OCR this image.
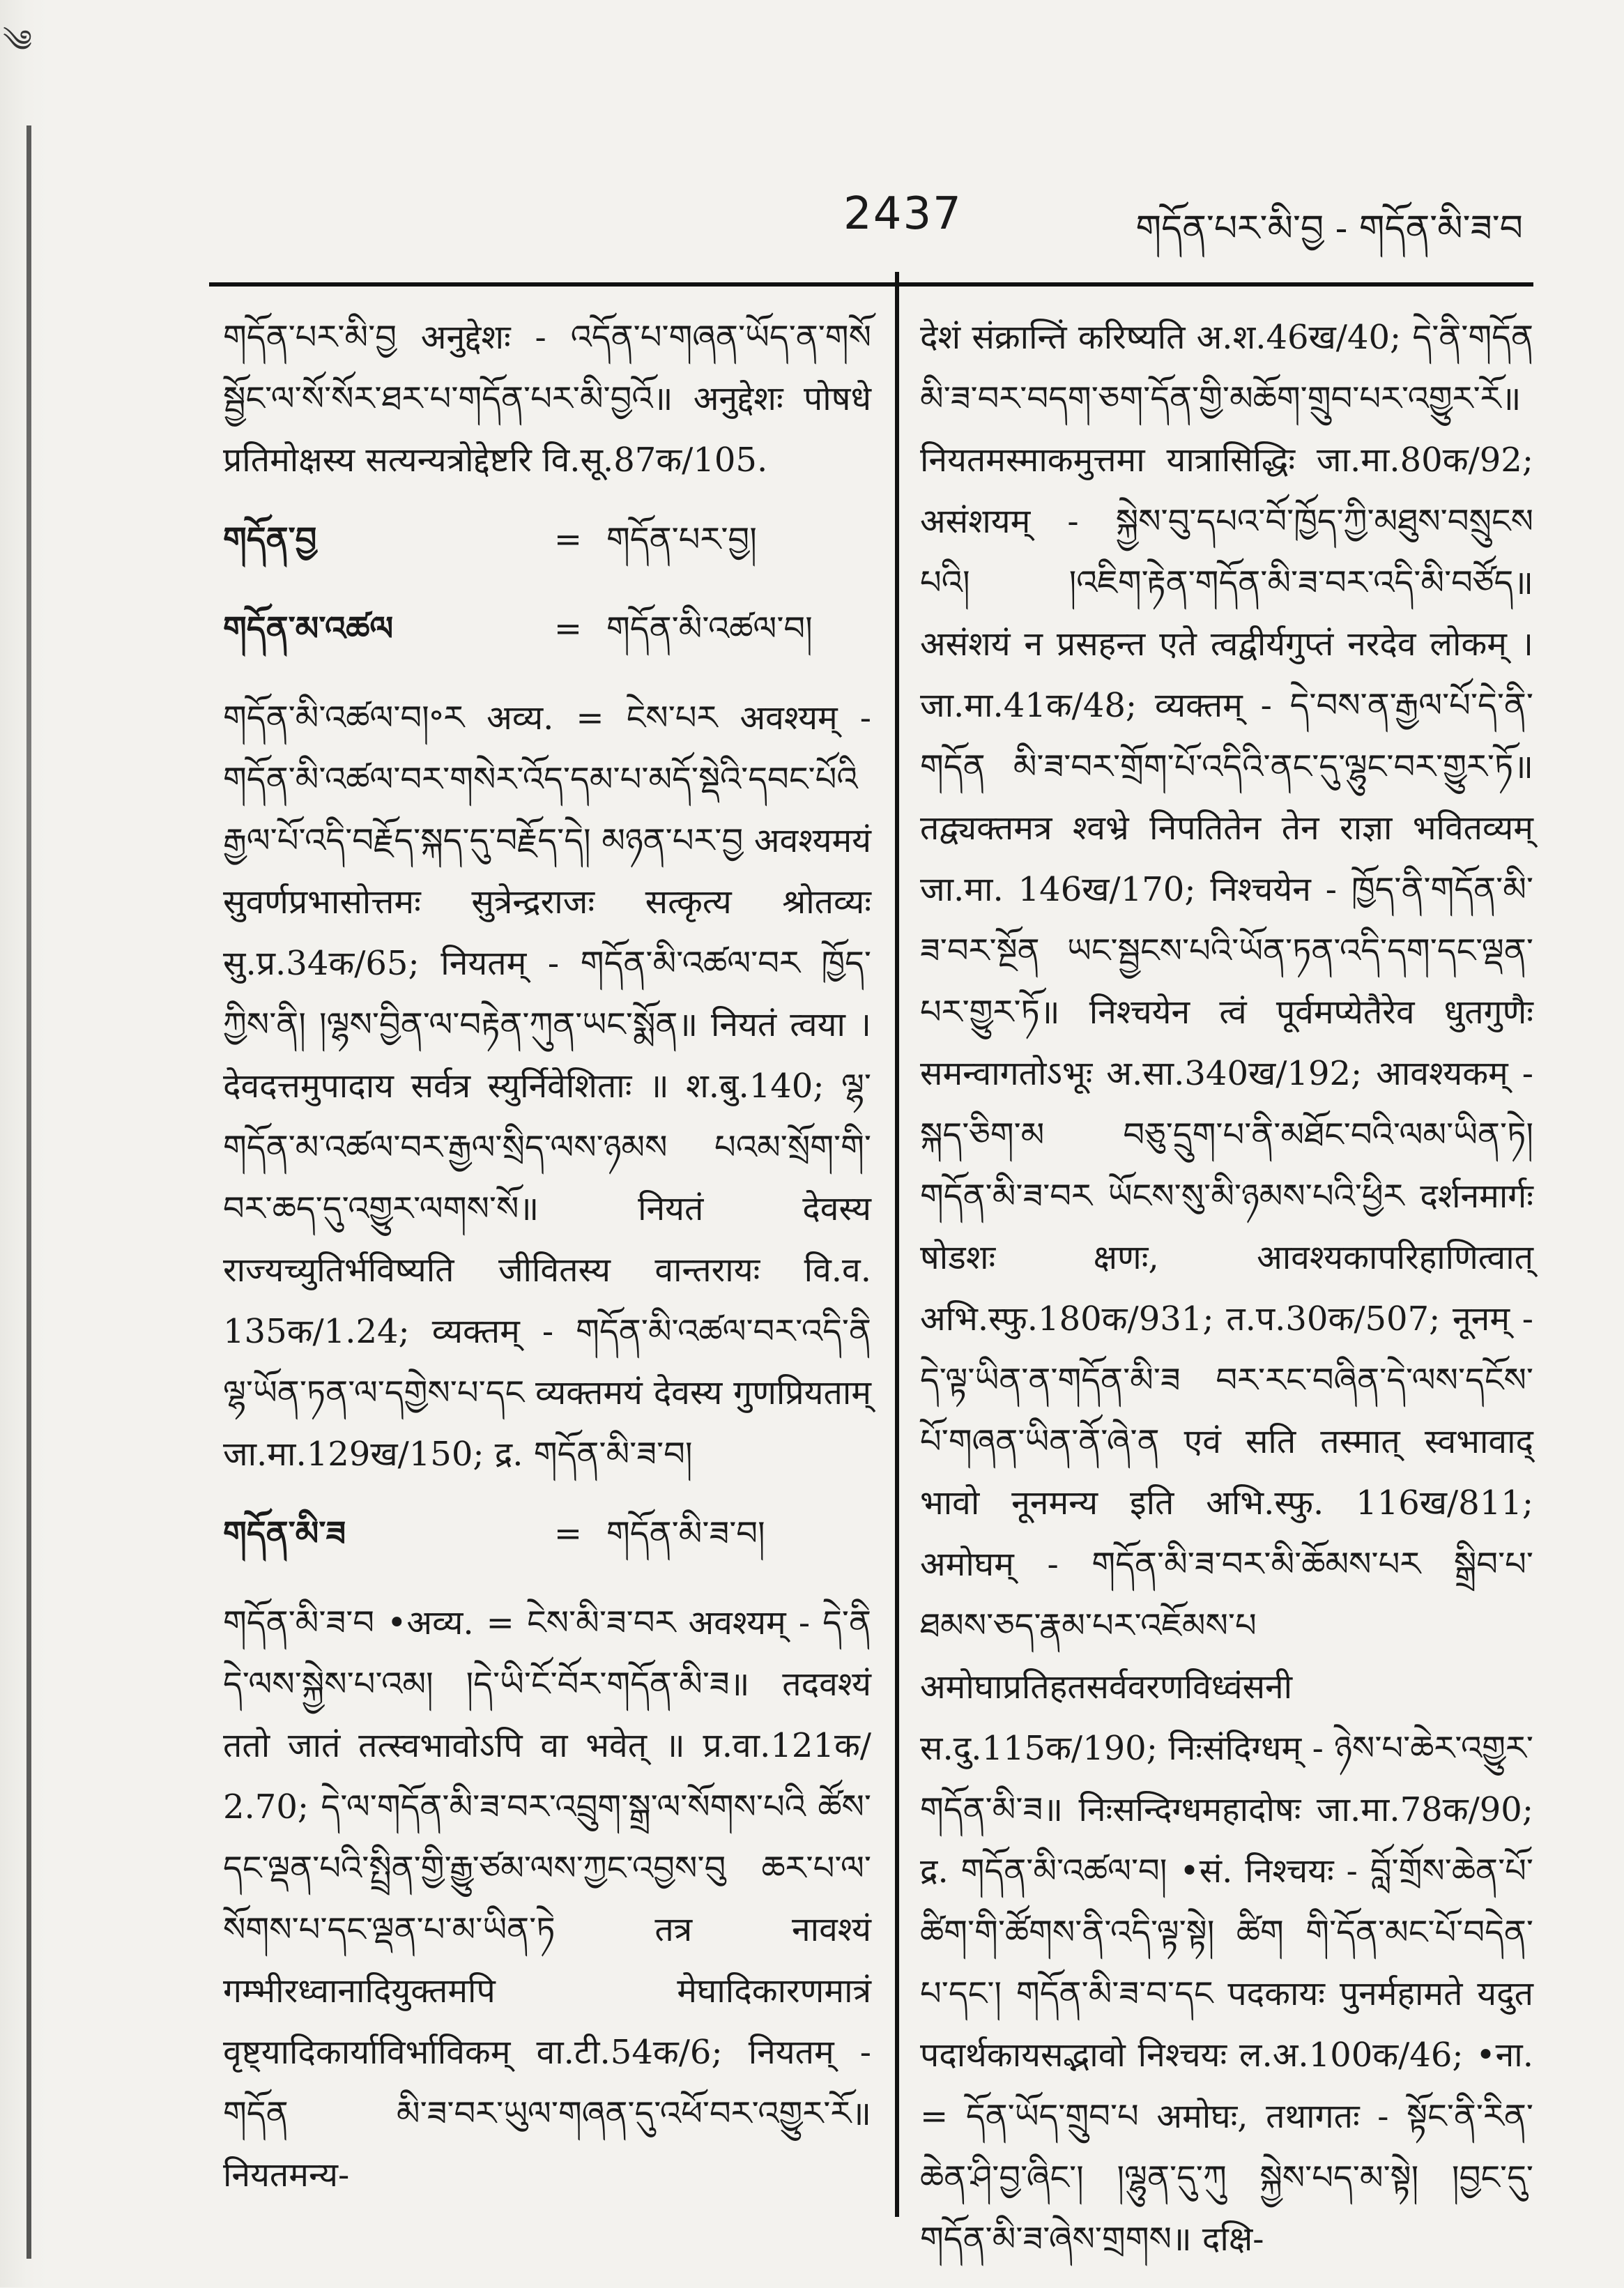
༄
2437	གདོན་པར་མི་བྱ - གདོན་མི་ཟ་བ

གདོན་པར་མི་བྱ अनुद्देशः - འདོན་པ་གཞན་ཡོད་ན་གསོ སྦྱོང་ལ་སོ་སོར་ཐར་པ་གདོན་པར་མི་བྱའོ॥ अनुद्देशः पोषधे प्रतिमोक्षस्य सत्यन्यत्रोद्देष्टरि वि.सू.87क/105.

གདོན་བྱ	= གདོན་པར་བྱ།
གདོན་མ་འཚལ	= གདོན་མི་འཚལ་བ།

གདོན་མི་འཚལ་བ།॰ར अव्य. = ངེས་པར अवश्यम् - གདོན་མི་འཚལ་བར་གསེར་འོད་དམ་པ་མདོ་སྡེའི་དབང་པོའི རྒྱལ་པོ་འདི་བརྗོད་སྐད་དུ་བརྗོད་དེ། མཉན་པར་བྱ अवश्यमयं सुवर्णप्रभासोत्तमः सुत्रेन्द्रराजः सत्कृत्य श्रोतव्यः सु.प्र.34क/65; नियतम् - གདོན་མི་འཚལ་བར ཁྱོད་ཀྱིས་ནི། །ལྷས་བྱིན་ལ་བརྟེན་ཀུན་ཡང་སྨོན॥ नियतं त्वया । देवदत्तमुपादाय सर्वत्र स्युर्निवेशिताः ॥ श.बु.140; ལྷ་གདོན་མ་འཚལ་བར་རྒྱལ་སྲིད་ལས་ཉམས པའམ་སྲོག་གི་བར་ཆད་དུ་འགྱུར་ལགས་སོ॥ नियतं देवस्य राज्यच्युतिर्भविष्यति जीवितस्य वान्तरायः वि.व. 135क/1.24; व्यक्तम् - གདོན་མི་འཚལ་བར་འདི་ནི ལྷ་ཡོན་ཏན་ལ་དགྱེས་པ་དང व्यक्तमयं देवस्य गुणप्रियताम् जा.मा.129ख/150; द्र. གདོན་མི་ཟ་བ།

གདོན་མི་ཟ	= གདོན་མི་ཟ་བ།

གདོན་མི་ཟ་བ •अव्य. = ངེས་མི་ཟ་བར अवश्यम् - དེ་ནི དེ་ལས་སྐྱེས་པ་འམ། །དེ་ཡི་ངོ་བོར་གདོན་མི་ཟ॥ तदवश्यं ततो जातं तत्स्वभावोऽपि वा भवेत् ॥ प्र.वा.121क/ 2.70; དེ་ལ་གདོན་མི་ཟ་བར་འབྲུག་སྒྲ་ལ་སོགས་པའི ཚོས་དང་ལྡན་པའི་སྤྲིན་གྱི་རྒྱུ་ཙམ་ལས་ཀྱང་འབྱས་བུ ཆར་པ་ལ་སོགས་པ་དང་ལྡན་པ་མ་ཡིན་ཏེ तत्र नावश्यं गम्भीरध्वानादियुक्तमपि मेघादिकारणमात्रं वृष्ट्यादिकार्याविर्भाविकम् वा.टी.54क/6; नियतम् - གདོན མི་ཟ་བར་ཡུལ་གཞན་དུ་འཕོ་བར་འགྱུར་རོ॥ नियतमन्य-

देशं संक्रान्तिं करिष्यति अ.श.46ख/40; དེ་ནི་གདོན མི་ཟ་བར་བདག་ཅག་དོན་གྱི་མཆོག་གྲུབ་པར་འགྱུར་རོ॥ नियतमस्माकमुत्तमा यात्रासिद्धिः जा.मा.80क/92; असंशयम् - སྐྱེས་བུ་དཔའ་བོ་ཁྱོད་ཀྱི་མཐུས་བསྲུངས པའི། །འཇིག་རྟེན་གདོན་མི་ཟ་བར་འདི་མི་བཙོད॥ असंशयं न प्रसहन्त एते त्वद्वीर्यगुप्तं नरदेव लोकम् । जा.मा.41क/48; व्यक्तम् - དེ་བས་ན་རྒྱལ་པོ་དེ་ནི་གདོན མི་ཟ་བར་གྲོག་པོ་འདིའི་ནང་དུ་ལྷུང་བར་གྱུར་ཏོ॥ तद्व्यक्तमत्र श्वभ्रे निपतितेन तेन राज्ञा भवितव्यम् जा.मा. 146ख/170; निश्चयेन - ཁྱོད་ནི་གདོན་མི་ཟ་བར་སྔོན ཡང་སྦྱངས་པའི་ཡོན་ཏན་འདི་དག་དང་ལྡན་པར་གྱུར་ཏོ॥ निश्चयेन त्वं पूर्वमप्येतैरेव धुतगुणैः समन्वागतोऽभूः अ.सा.340ख/192; आवश्यकम् - སྐད་ཅིག་མ བཅུ་དྲུག་པ་ནི་མཐོང་བའི་ལམ་ཡིན་ཏེ། གདོན་མི་ཟ་བར ཡོངས་སུ་མི་ཉམས་པའི་ཕྱིར दर्शनमार्गः षोडशः क्षणः, आवश्यकापरिहाणित्वात् अभि.स्फु.180क/931; त.प.30क/507; नूनम् - དེ་ལྟ་ཡིན་ན་གདོན་མི་ཟ བར་རང་བཞིན་དེ་ལས་དངོས་པོ་གཞན་ཡིན་ནོ་ཞེ་ན एवं सति तस्मात् स्वभावाद् भावो नूनमन्य इति अभि.स्फु. 116ख/811; अमोघम् - གདོན་མི་ཟ་བར་མི་ཆོམས་པར སྒྲིབ་པ་ཐམས་ཅད་རྣམ་པར་འཇོམས་པ अमोघाप्रतिहतसर्ववरणविध्वंसनी स.दु.115क/190; निःसंदिग्धम् - ཉེས་པ་ཆེར་འགྱུར་གདོན་མི་ཟ॥ निःसन्दिग्धमहादोषः जा.मा.78क/90; द्र. གདོན་མི་འཚལ་བ། •सं. निश्चयः - བློ་གྲོས་ཆེན་པོ་ཚིག་གི་ཚོགས་ནི་འདི་ལྟ་སྟེ། ཚིག གི་དོན་མང་པོ་བདེན་པ་དང་། གདོན་མི་ཟ་བ་དང पदकायः पुनर्महामते यदुत पदार्थकायसद्भावो निश्चयः ल.अ.100क/46; •ना. = དོན་ཡོད་གྲུབ་པ अमोघः, तथागतः - སྟོང་ནི་རིན་ཆེན་ཤི་བྱ་ཞིང་། །ལྷུན་དུ་ཀུ སྐྱེས་པད་མ་སྟེ། །བྱང་དུ་གདོན་མི་ཟ་ཞེས་གྲགས॥ दक्षि-
